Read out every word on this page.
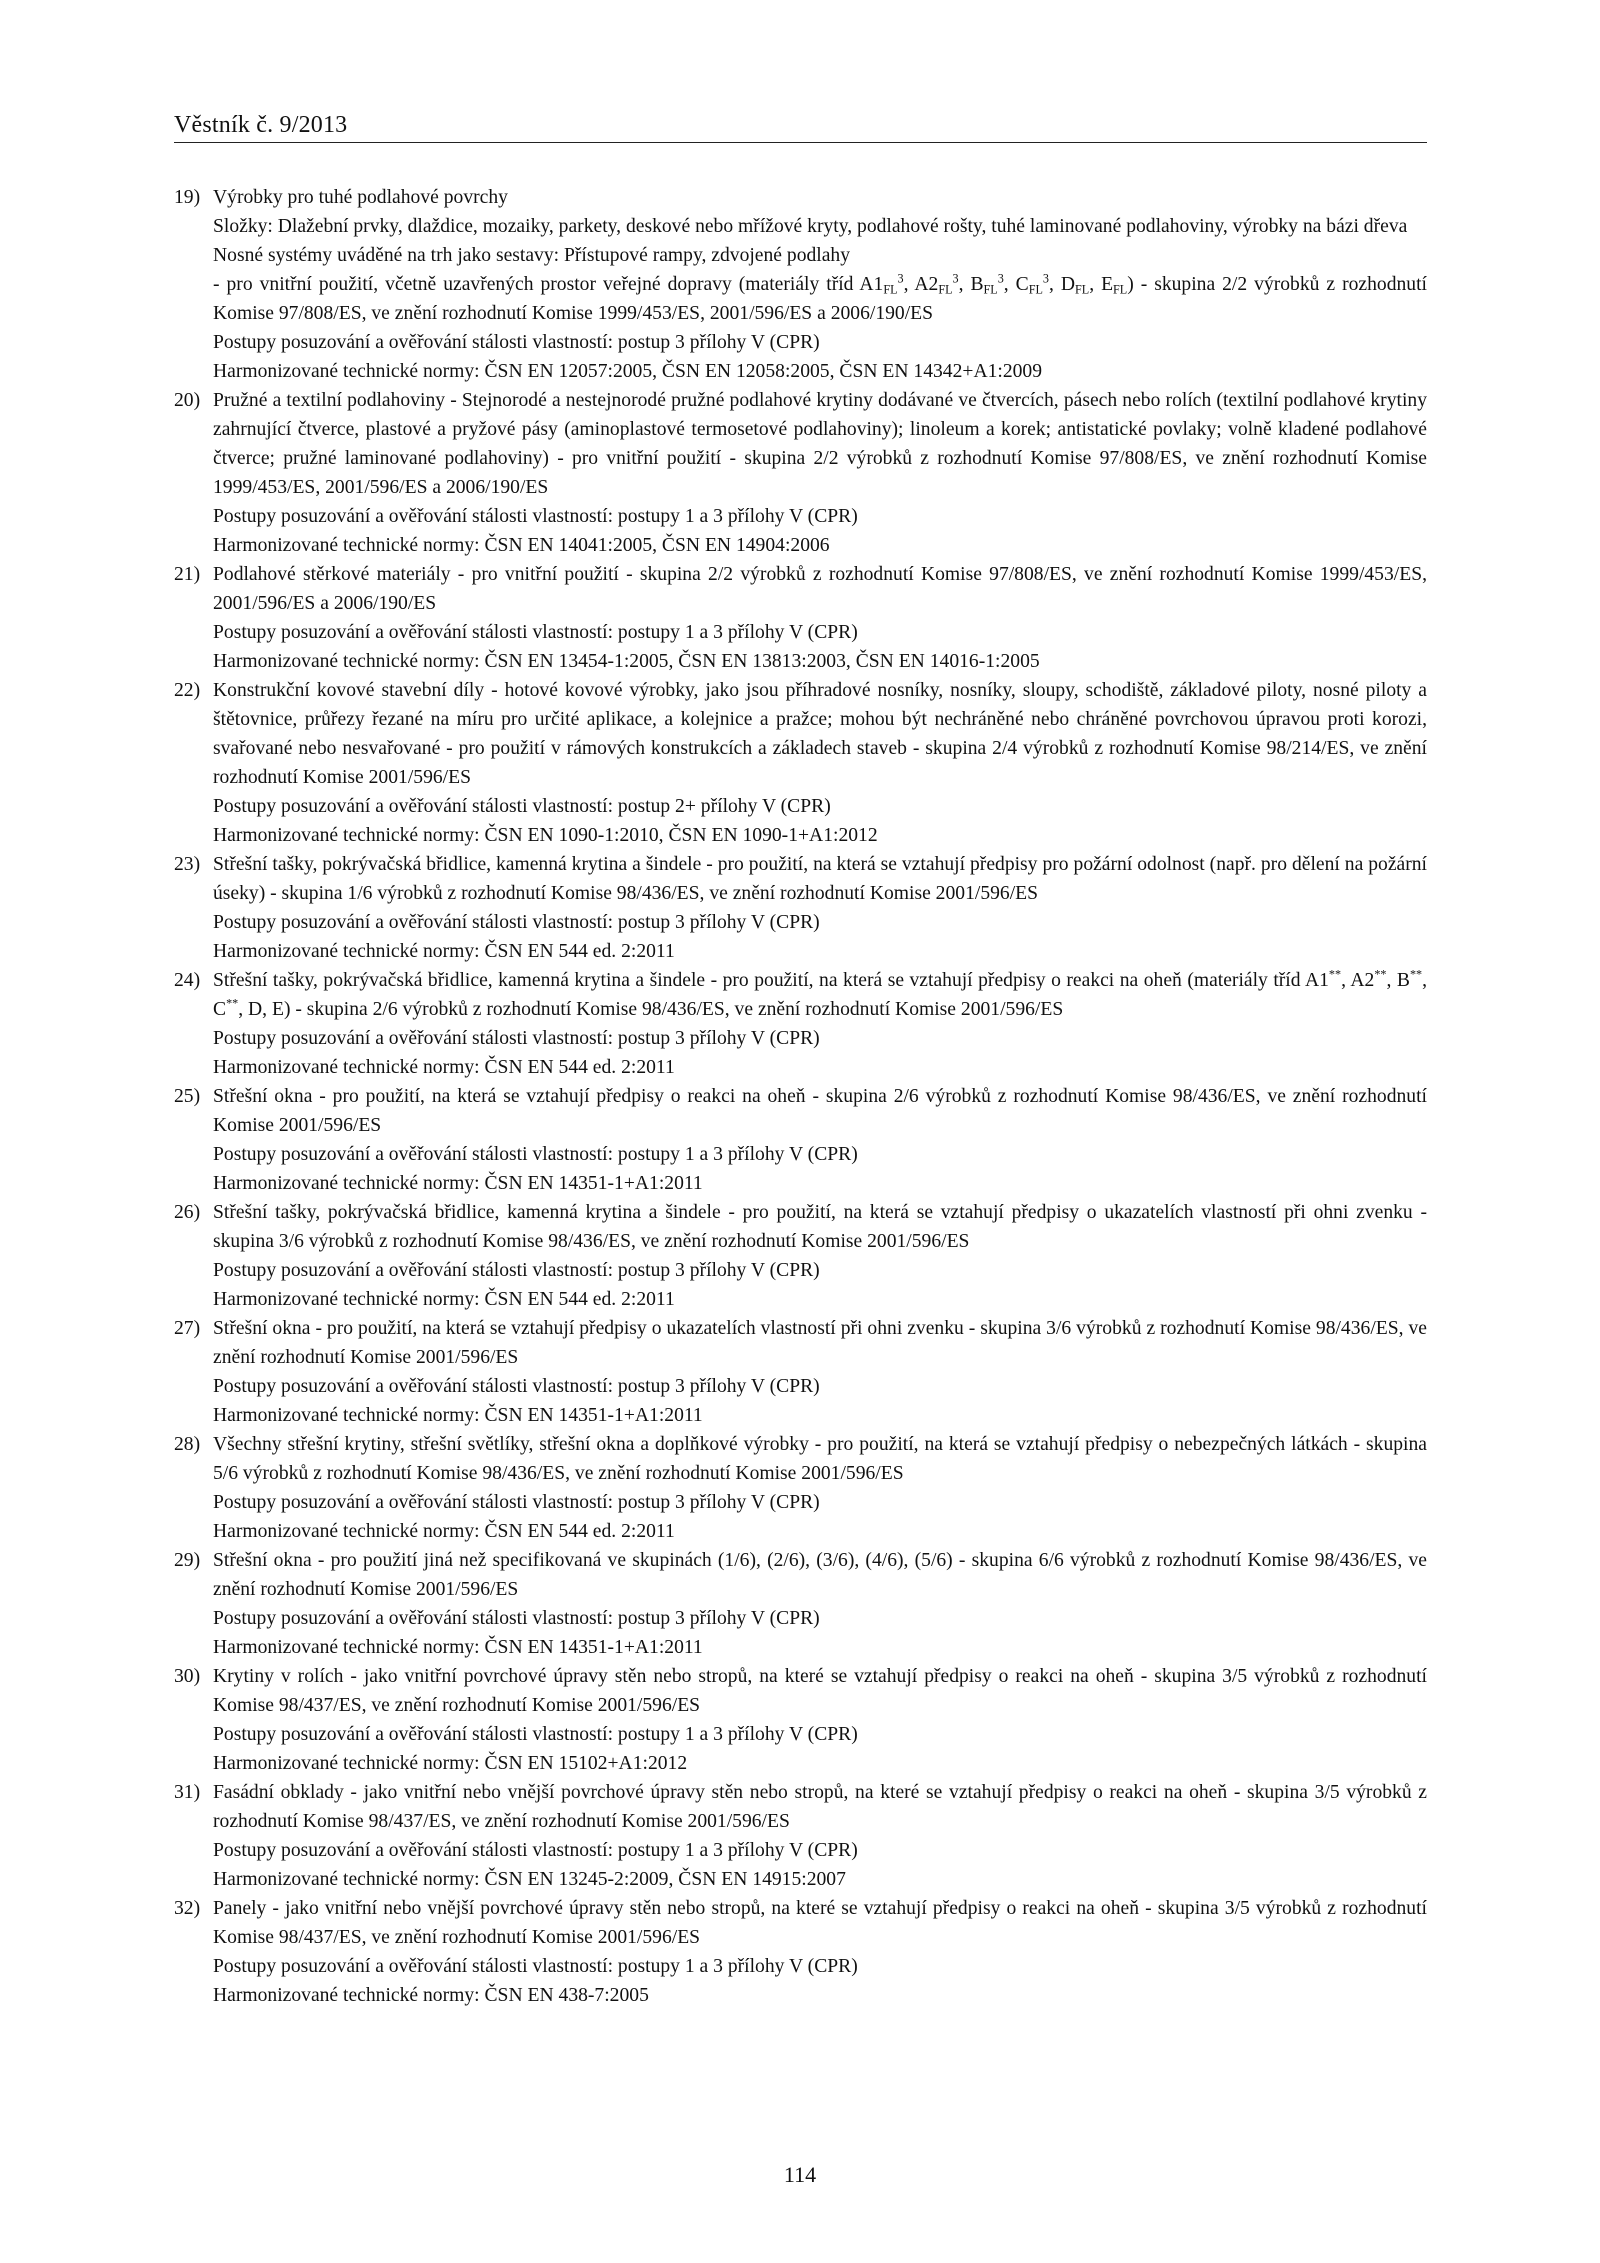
Věstník č. 9/2013
19) Výrobky pro tuhé podlahové povrchy
Složky: Dlažební prvky, dlaždice, mozaiky, parkety, deskové nebo mřížové kryty, podlahové rošty, tuhé laminované podlahoviny, výrobky na bázi dřeva
Nosné systémy uváděné na trh jako sestavy: Přístupové rampy, zdvojené podlahy
- pro vnitřní použití, včetně uzavřených prostor veřejné dopravy (materiály tříd $A1_{FL}^3$, $A2_{FL}^3$, $B_{FL}^3$, $C_{FL}^3$, $D_{FL}$, $E_{FL}$) - skupina 2/2 výrobků z rozhodnutí Komise 97/808/ES, ve znění rozhodnutí Komise 1999/453/ES, 2001/596/ES a 2006/190/ES
Postupy posuzování a ověřování stálosti vlastností: postup 3 přílohy V (CPR)
Harmonizované technické normy: ČSN EN 12057:2005, ČSN EN 12058:2005, ČSN EN 14342+A1:2009
20) Pružné a textilní podlahoviny - Stejnorodé a nestejnorodé pružné podlahové krytiny dodávané ve čtvercích, pásech nebo rolích (textilní podlahové krytiny zahrnující čtverce, plastové a pryžové pásy (aminoplastové termosetové podlahoviny); linoleum a korek; antistatické povlaky; volně kladené podlahové čtverce; pružné laminované podlahoviny) - pro vnitřní použití - skupina 2/2 výrobků z rozhodnutí Komise 97/808/ES, ve znění rozhodnutí Komise 1999/453/ES, 2001/596/ES a 2006/190/ES
Postupy posuzování a ověřování stálosti vlastností: postupy 1 a 3 přílohy V (CPR)
Harmonizované technické normy: ČSN EN 14041:2005, ČSN EN 14904:2006
21) Podlahové stěrkové materiály - pro vnitřní použití - skupina 2/2 výrobků z rozhodnutí Komise 97/808/ES, ve znění rozhodnutí Komise 1999/453/ES, 2001/596/ES a 2006/190/ES
Postupy posuzování a ověřování stálosti vlastností: postupy 1 a 3 přílohy V (CPR)
Harmonizované technické normy: ČSN EN 13454-1:2005, ČSN EN 13813:2003, ČSN EN 14016-1:2005
22) Konstrukční kovové stavební díly - hotové kovové výrobky, jako jsou příhradové nosníky, nosníky, sloupy, schodiště, základové piloty, nosné piloty a štětovnice, průřezy řezané na míru pro určité aplikace, a kolejnice a pražce; mohou být nechráněné nebo chráněné povrchovou úpravou proti korozi, svařované nebo nesvařované - pro použití v rámových konstrukcích a základech staveb - skupina 2/4 výrobků z rozhodnutí Komise 98/214/ES, ve znění rozhodnutí Komise 2001/596/ES
Postupy posuzování a ověřování stálosti vlastností: postup 2+ přílohy V (CPR)
Harmonizované technické normy: ČSN EN 1090-1:2010, ČSN EN 1090-1+A1:2012
23) Střešní tašky, pokrývačská břidlice, kamenná krytina a šindele - pro použití, na která se vztahují předpisy pro požární odolnost (např. pro dělení na požární úseky) - skupina 1/6 výrobků z rozhodnutí Komise 98/436/ES, ve znění rozhodnutí Komise 2001/596/ES
Postupy posuzování a ověřování stálosti vlastností: postup 3 přílohy V (CPR)
Harmonizované technické normy: ČSN EN 544 ed. 2:2011
24) Střešní tašky, pokrývačská břidlice, kamenná krytina a šindele - pro použití, na která se vztahují předpisy o reakci na oheň (materiály tříd A1**, A2**, B**, C**, D, E) - skupina 2/6 výrobků z rozhodnutí Komise 98/436/ES, ve znění rozhodnutí Komise 2001/596/ES
Postupy posuzování a ověřování stálosti vlastností: postup 3 přílohy V (CPR)
Harmonizované technické normy: ČSN EN 544 ed. 2:2011
25) Střešní okna - pro použití, na která se vztahují předpisy o reakci na oheň - skupina 2/6 výrobků z rozhodnutí Komise 98/436/ES, ve znění rozhodnutí Komise 2001/596/ES
Postupy posuzování a ověřování stálosti vlastností: postupy 1 a 3 přílohy V (CPR)
Harmonizované technické normy: ČSN EN 14351-1+A1:2011
26) Střešní tašky, pokrývačská břidlice, kamenná krytina a šindele - pro použití, na která se vztahují předpisy o ukazatelích vlastností při ohni zvenku - skupina 3/6 výrobků z rozhodnutí Komise 98/436/ES, ve znění rozhodnutí Komise 2001/596/ES
Postupy posuzování a ověřování stálosti vlastností: postup 3 přílohy V (CPR)
Harmonizované technické normy: ČSN EN 544 ed. 2:2011
27) Střešní okna - pro použití, na která se vztahují předpisy o ukazatelích vlastností při ohni zvenku - skupina 3/6 výrobků z rozhodnutí Komise 98/436/ES, ve znění rozhodnutí Komise 2001/596/ES
Postupy posuzování a ověřování stálosti vlastností: postup 3 přílohy V (CPR)
Harmonizované technické normy: ČSN EN 14351-1+A1:2011
28) Všechny střešní krytiny, střešní světlíky, střešní okna a doplňkové výrobky - pro použití, na která se vztahují předpisy o nebezpečných látkách - skupina 5/6 výrobků z rozhodnutí Komise 98/436/ES, ve znění rozhodnutí Komise 2001/596/ES
Postupy posuzování a ověřování stálosti vlastností: postup 3 přílohy V (CPR)
Harmonizované technické normy: ČSN EN 544 ed. 2:2011
29) Střešní okna - pro použití jiná než specifikovaná ve skupinách (1/6), (2/6), (3/6), (4/6), (5/6) - skupina 6/6 výrobků z rozhodnutí Komise 98/436/ES, ve znění rozhodnutí Komise 2001/596/ES
Postupy posuzování a ověřování stálosti vlastností: postup 3 přílohy V (CPR)
Harmonizované technické normy: ČSN EN 14351-1+A1:2011
30) Krytiny v rolích - jako vnitřní povrchové úpravy stěn nebo stropů, na které se vztahují předpisy o reakci na oheň - skupina 3/5 výrobků z rozhodnutí Komise 98/437/ES, ve znění rozhodnutí Komise 2001/596/ES
Postupy posuzování a ověřování stálosti vlastností: postupy 1 a 3 přílohy V (CPR)
Harmonizované technické normy: ČSN EN 15102+A1:2012
31) Fasádní obklady - jako vnitřní nebo vnější povrchové úpravy stěn nebo stropů, na které se vztahují předpisy o reakci na oheň - skupina 3/5 výrobků z rozhodnutí Komise 98/437/ES, ve znění rozhodnutí Komise 2001/596/ES
Postupy posuzování a ověřování stálosti vlastností: postupy 1 a 3 přílohy V (CPR)
Harmonizované technické normy: ČSN EN 13245-2:2009, ČSN EN 14915:2007
32) Panely - jako vnitřní nebo vnější povrchové úpravy stěn nebo stropů, na které se vztahují předpisy o reakci na oheň - skupina 3/5 výrobků z rozhodnutí Komise 98/437/ES, ve znění rozhodnutí Komise 2001/596/ES
Postupy posuzování a ověřování stálosti vlastností: postupy 1 a 3 přílohy V (CPR)
Harmonizované technické normy: ČSN EN 438-7:2005
114
